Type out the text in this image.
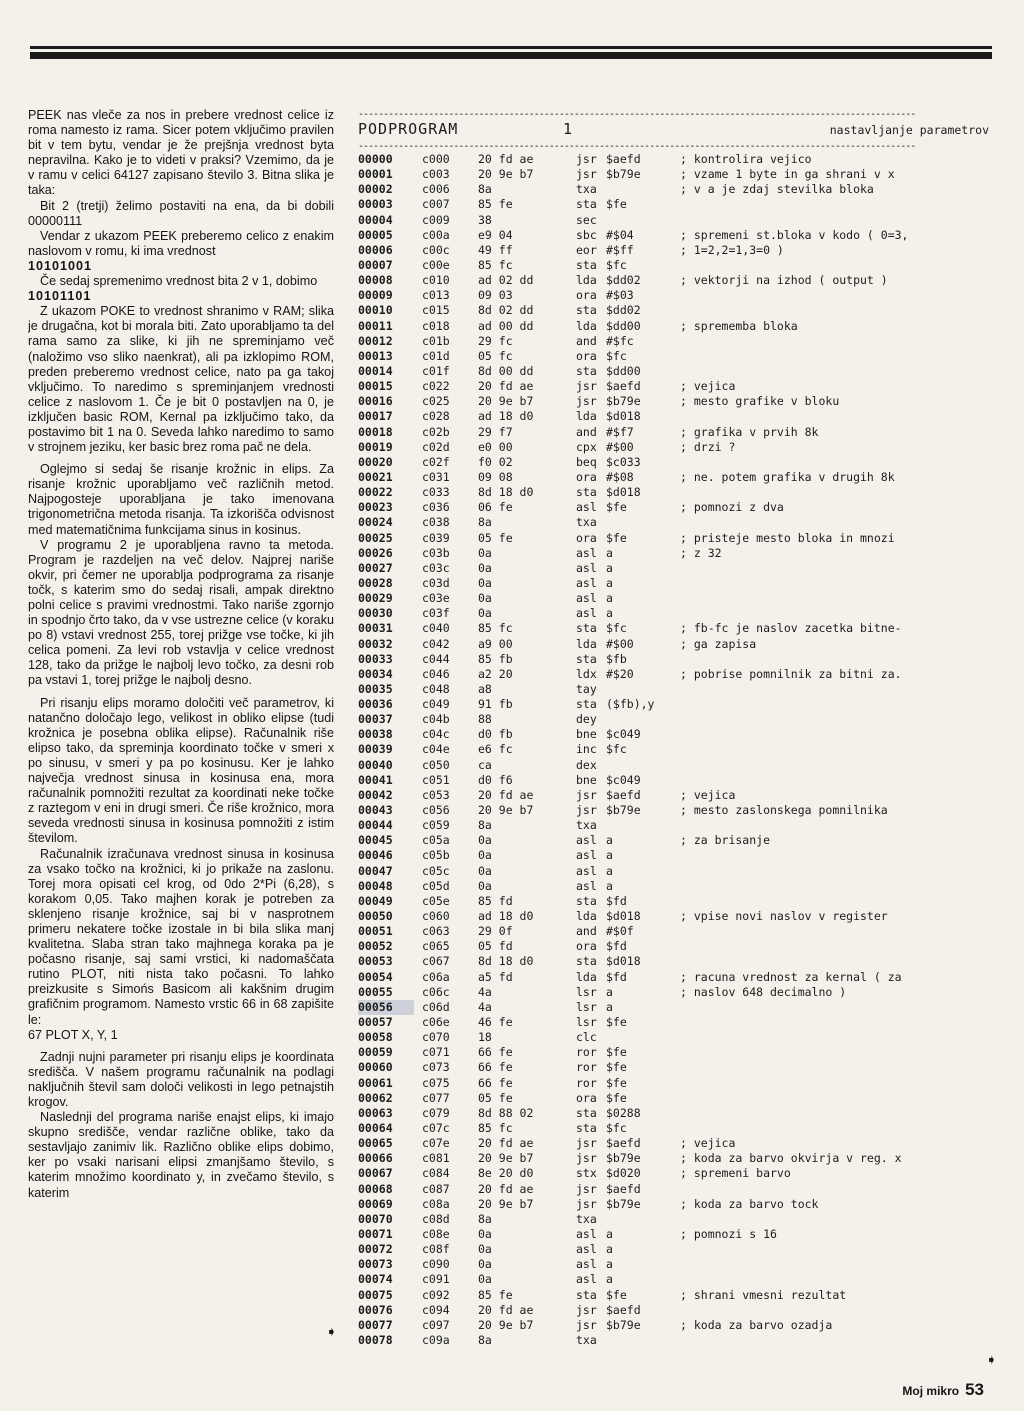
PEEK nas vleče za nos in prebere vrednost celice iz roma namesto iz rama. Sicer potem vključimo pravilen bit v tem bytu, vendar je že prejšnja vrednost byta nepravilna. Kako je to videti v praksi? Vzemimo, da je v ramu v celici 64127 zapisano število 3. Bitna slika je taka:

Bit 2 (tretji) želimo postaviti na ena, da bi dobili 00000111

Vendar z ukazom PEEK preberemo celico z enakim naslovom v romu, ki ima vrednost

10101001

Če sedaj spremenimo vrednost bita 2 v 1, dobimo

10101101

Z ukazom POKE to vrednost shranimo v RAM; slika je drugačna, kot bi morala biti. Zato uporabljamo ta del rama samo za slike, ki jih ne spreminjamo več (naložimo vso sliko naenkrat), ali pa izklopimo ROM, preden preberemo vrednost celice, nato pa ga takoj vključimo. To naredimo s spreminjanjem vrednosti celice z naslovom 1. Če je bit 0 postavljen na 0, je izključen basic ROM, Kernal pa izključimo tako, da postavimo bit 1 na 0. Seveda lahko naredimo to samo v strojnem jeziku, ker basic brez roma pač ne dela.

Oglejmo si sedaj še risanje krožnic in elips. Za risanje krožnic uporabljamo več različnih metod. Najpogosteje uporabljana je tako imenovana trigonometrična metoda risanja. Ta izkorišča odvisnost med matematičnima funkcijama sinus in kosinus.

V programu 2 je uporabljena ravno ta metoda. Program je razdeljen na več delov. Najprej nariše okvir, pri čemer ne uporablja podprograma za risanje točk, s katerim smo do sedaj risali, ampak direktno polni celice s pravimi vrednostmi. Tako nariše zgornjo in spodnjo črto tako, da v vse ustrezne celice (v koraku po 8) vstavi vrednost 255, torej prižge vse točke, ki jih celica pomeni. Za levi rob vstavlja v celice vrednost 128, tako da prižge le najbolj levo točko, za desni rob pa vstavi 1, torej prižge le najbolj desno.

Pri risanju elips moramo določiti več parametrov, ki natančno določajo lego, velikost in obliko elipse (tudi krožnica je posebna oblika elipse). Računalnik riše elipso tako, da spreminja koordinato točke v smeri x po sinusu, v smeri y pa po kosinusu. Ker je lahko največja vrednost sinusa in kosinusa ena, mora računalnik pomnožiti rezultat za koordinati neke točke z raztegom v eni in drugi smeri. Če riše krožnico, mora seveda vrednosti sinusa in kosinusa pomnožiti z istim številom.

Računalnik izračunava vrednost sinusa in kosinusa za vsako točko na krožnici, ki jo prikaže na zaslonu. Torej mora opisati cel krog, od 0do 2*Pi (6,28), s korakom 0,05. Tako majhen korak je potreben za sklenjeno risanje krožnice, saj bi v nasprotnem primeru nekatere točke izostale in bi bila slika manj kvalitetna. Slaba stran tako majhnega koraka pa je počasno risanje, saj sami vrstici, ki nadomaščata rutino PLOT, niti nista tako počasni. To lahko preizkusite s Simońs Basicom ali kakšnim drugim grafičnim programom. Namesto vrstic 66 in 68 zapišite le:

67 PLOT X, Y, 1

Zadnji nujni parameter pri risanju elips je koordinata središča. V našem programu računalnik na podlagi naključnih števil sam določi velikosti in lego petnajstih krogov.

Naslednji del programa nariše enajst elips, ki imajo skupno središče, vendar različne oblike, tako da sestavljajo zanimiv lik. Različno oblike elips dobimo, ker po vsaki narisani elipsi zmanjšamo število, s katerim množimo koordinato y, in zvečamo število, s katerim

➧
---------------------------------------------------------------------------------------------------------------
PODPROGRAM	1	nastavljanje parametrov
---------------------------------------------------------------------------------------------------------------
00000	c000	20 fd ae	jsr $aefd	; kontrolira vejico
00001	c003	20 9e b7	jsr $b79e	; vzame 1 byte in ga shrani v x
00002	c006	8a	txa	; v a je zdaj stevilka bloka
00003	c007	85 fe	sta $fe
00004	c009	38	sec
00005	c00a	e9 04	sbc #$04	; spremeni st.bloka v kodo ( 0=3,
00006	c00c	49 ff	eor #$ff	; 1=2,2=1,3=0 )
00007	c00e	85 fc	sta $fc
00008	c010	ad 02 dd	lda $dd02	; vektorji na izhod ( output )
00009	c013	09 03	ora #$03
00010	c015	8d 02 dd	sta $dd02
00011	c018	ad 00 dd	lda $dd00	; sprememba bloka
00012	c01b	29 fc	and #$fc
00013	c01d	05 fc	ora $fc
00014	c01f	8d 00 dd	sta $dd00
00015	c022	20 fd ae	jsr $aefd	; vejica
00016	c025	20 9e b7	jsr $b79e	; mesto grafike v bloku
00017	c028	ad 18 d0	lda $d018
00018	c02b	29 f7	and #$f7	; grafika v prvih 8k
00019	c02d	e0 00	cpx #$00	; drzi ?
00020	c02f	f0 02	beq $c033
00021	c031	09 08	ora #$08	; ne. potem grafika v drugih 8k
00022	c033	8d 18 d0	sta $d018
00023	c036	06 fe	asl $fe	; pomnozi z dva
00024	c038	8a	txa
00025	c039	05 fe	ora $fe	; pristeje mesto bloka in mnozi
00026	c03b	0a	asl a	; z 32
00027	c03c	0a	asl a
00028	c03d	0a	asl a
00029	c03e	0a	asl a
00030	c03f	0a	asl a
00031	c040	85 fc	sta $fc	; fb-fc je naslov zacetka bitne-
00032	c042	a9 00	lda #$00	; ga zapisa
00033	c044	85 fb	sta $fb
00034	c046	a2 20	ldx #$20	; pobrise pomnilnik za bitni za.
00035	c048	a8	tay
00036	c049	91 fb	sta ($fb),y
00037	c04b	88	dey
00038	c04c	d0 fb	bne $c049
00039	c04e	e6 fc	inc $fc
00040	c050	ca	dex
00041	c051	d0 f6	bne $c049
00042	c053	20 fd ae	jsr $aefd	; vejica
00043	c056	20 9e b7	jsr $b79e	; mesto zaslonskega pomnilnika
00044	c059	8a	txa
00045	c05a	0a	asl a	; za brisanje
00046	c05b	0a	asl a
00047	c05c	0a	asl a
00048	c05d	0a	asl a
00049	c05e	85 fd	sta $fd
00050	c060	ad 18 d0	lda $d018	; vpise novi naslov v register
00051	c063	29 0f	and #$0f
00052	c065	05 fd	ora $fd
00053	c067	8d 18 d0	sta $d018
00054	c06a	a5 fd	lda $fd	; racuna vrednost za kernal ( za
00055	c06c	4a	lsr a	; naslov 648 decimalno )
00056	c06d	4a	lsr a
00057	c06e	46 fe	lsr $fe
00058	c070	18	clc
00059	c071	66 fe	ror $fe
00060	c073	66 fe	ror $fe
00061	c075	66 fe	ror $fe
00062	c077	05 fe	ora $fe
00063	c079	8d 88 02	sta $0288
00064	c07c	85 fc	sta $fc
00065	c07e	20 fd ae	jsr $aefd	; vejica
00066	c081	20 9e b7	jsr $b79e	; koda za barvo okvirja v reg. x
00067	c084	8e 20 d0	stx $d020	; spremeni barvo
00068	c087	20 fd ae	jsr $aefd
00069	c08a	20 9e b7	jsr $b79e	; koda za barvo tock
00070	c08d	8a	txa
00071	c08e	0a	asl a	; pomnozi s 16
00072	c08f	0a	asl a
00073	c090	0a	asl a
00074	c091	0a	asl a
00075	c092	85 fe	sta $fe	; shrani vmesni rezultat
00076	c094	20 fd ae	jsr $aefd
00077	c097	20 9e b7	jsr $b79e	; koda za barvo ozadja
00078	c09a	8a	txa
➧
Moj mikro 53
